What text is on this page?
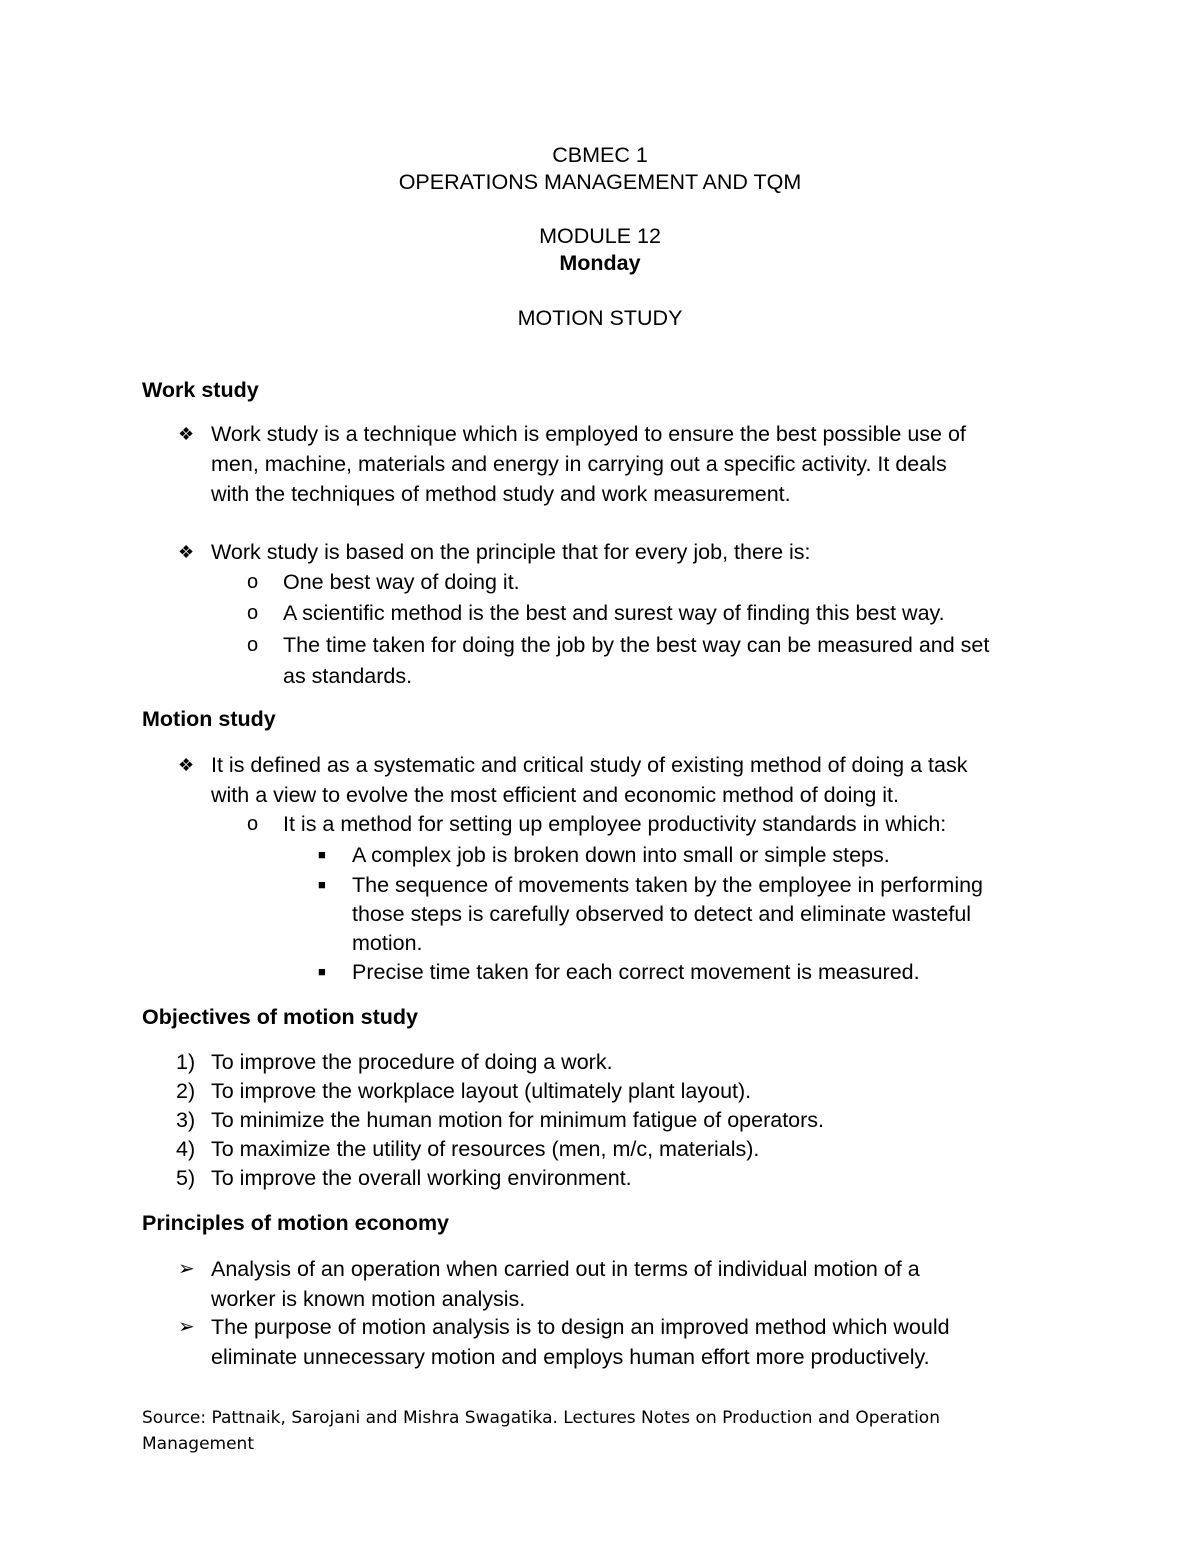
CBMEC 1
OPERATIONS MANAGEMENT AND TQM
MODULE 12
Monday
MOTION STUDY
Work study
❖ Work study is a technique which is employed to ensure the best possible use of
men, machine, materials and energy in carrying out a specific activity. It deals
with the techniques of method study and work measurement.
❖ Work study is based on the principle that for every job, there is:
o One best way of doing it.
o A scientific method is the best and surest way of finding this best way.
o The time taken for doing the job by the best way can be measured and set
as standards.
Motion study
❖ It is defined as a systematic and critical study of existing method of doing a task
with a view to evolve the most efficient and economic method of doing it.
o It is a method for setting up employee productivity standards in which:
■ A complex job is broken down into small or simple steps.
■ The sequence of movements taken by the employee in performing
those steps is carefully observed to detect and eliminate wasteful
motion.
■ Precise time taken for each correct movement is measured.
Objectives of motion study
1) To improve the procedure of doing a work.
2) To improve the workplace layout (ultimately plant layout).
3) To minimize the human motion for minimum fatigue of operators.
4) To maximize the utility of resources (men, m/c, materials).
5) To improve the overall working environment.
Principles of motion economy
➢ Analysis of an operation when carried out in terms of individual motion of a
worker is known motion analysis.
➢ The purpose of motion analysis is to design an improved method which would
eliminate unnecessary motion and employs human effort more productively.
Source: Pattnaik, Sarojani and Mishra Swagatika. Lectures Notes on Production and Operation Management
